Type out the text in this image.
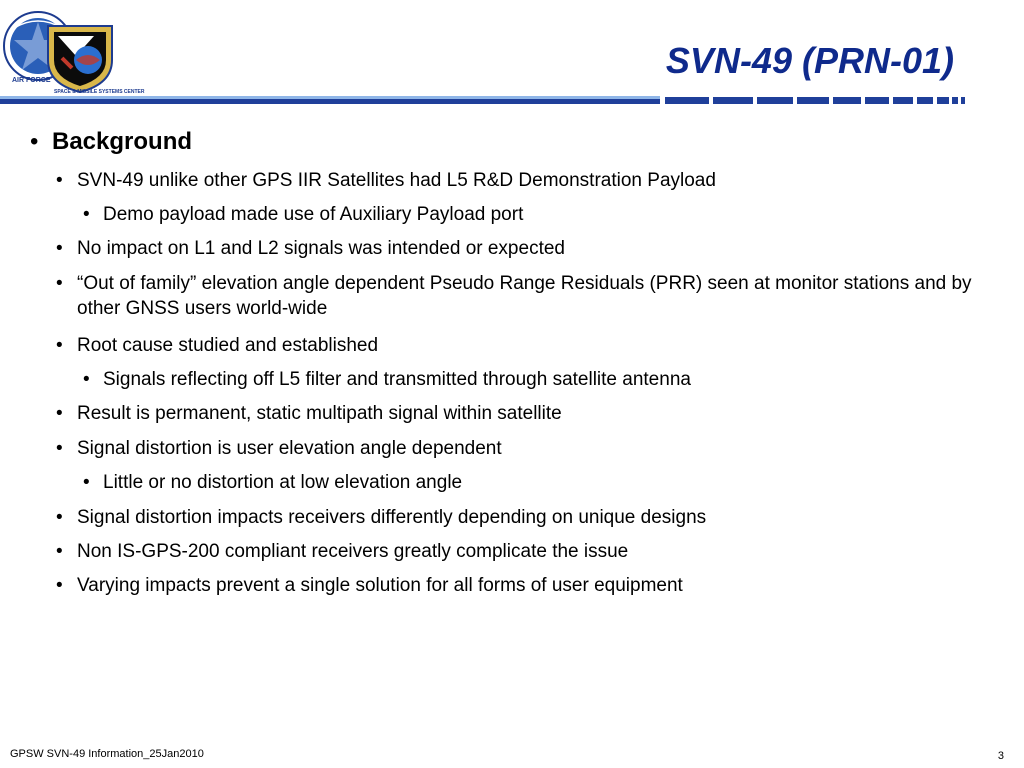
AIR FORCE
SPACE & MISSILE SYSTEMS CENTER
SVN-49 (PRN-01)
• Background
• SVN-49 unlike other GPS IIR Satellites had L5 R&D Demonstration Payload
• Demo payload made use of Auxiliary Payload port
• No impact on L1 and L2 signals was intended or expected
• “Out of family” elevation angle dependent Pseudo Range Residuals (PRR) seen at monitor stations and by other GNSS users world-wide
• Root cause studied and established
• Signals reflecting off L5 filter and transmitted through satellite antenna
• Result is permanent, static multipath signal within satellite
• Signal distortion is user elevation angle dependent
• Little or no distortion at low elevation angle
• Signal distortion impacts receivers differently depending on unique designs
• Non IS-GPS-200 compliant receivers greatly complicate the issue
• Varying impacts prevent a single solution for all forms of user equipment
GPSW SVN-49 Information_25Jan2010	3
